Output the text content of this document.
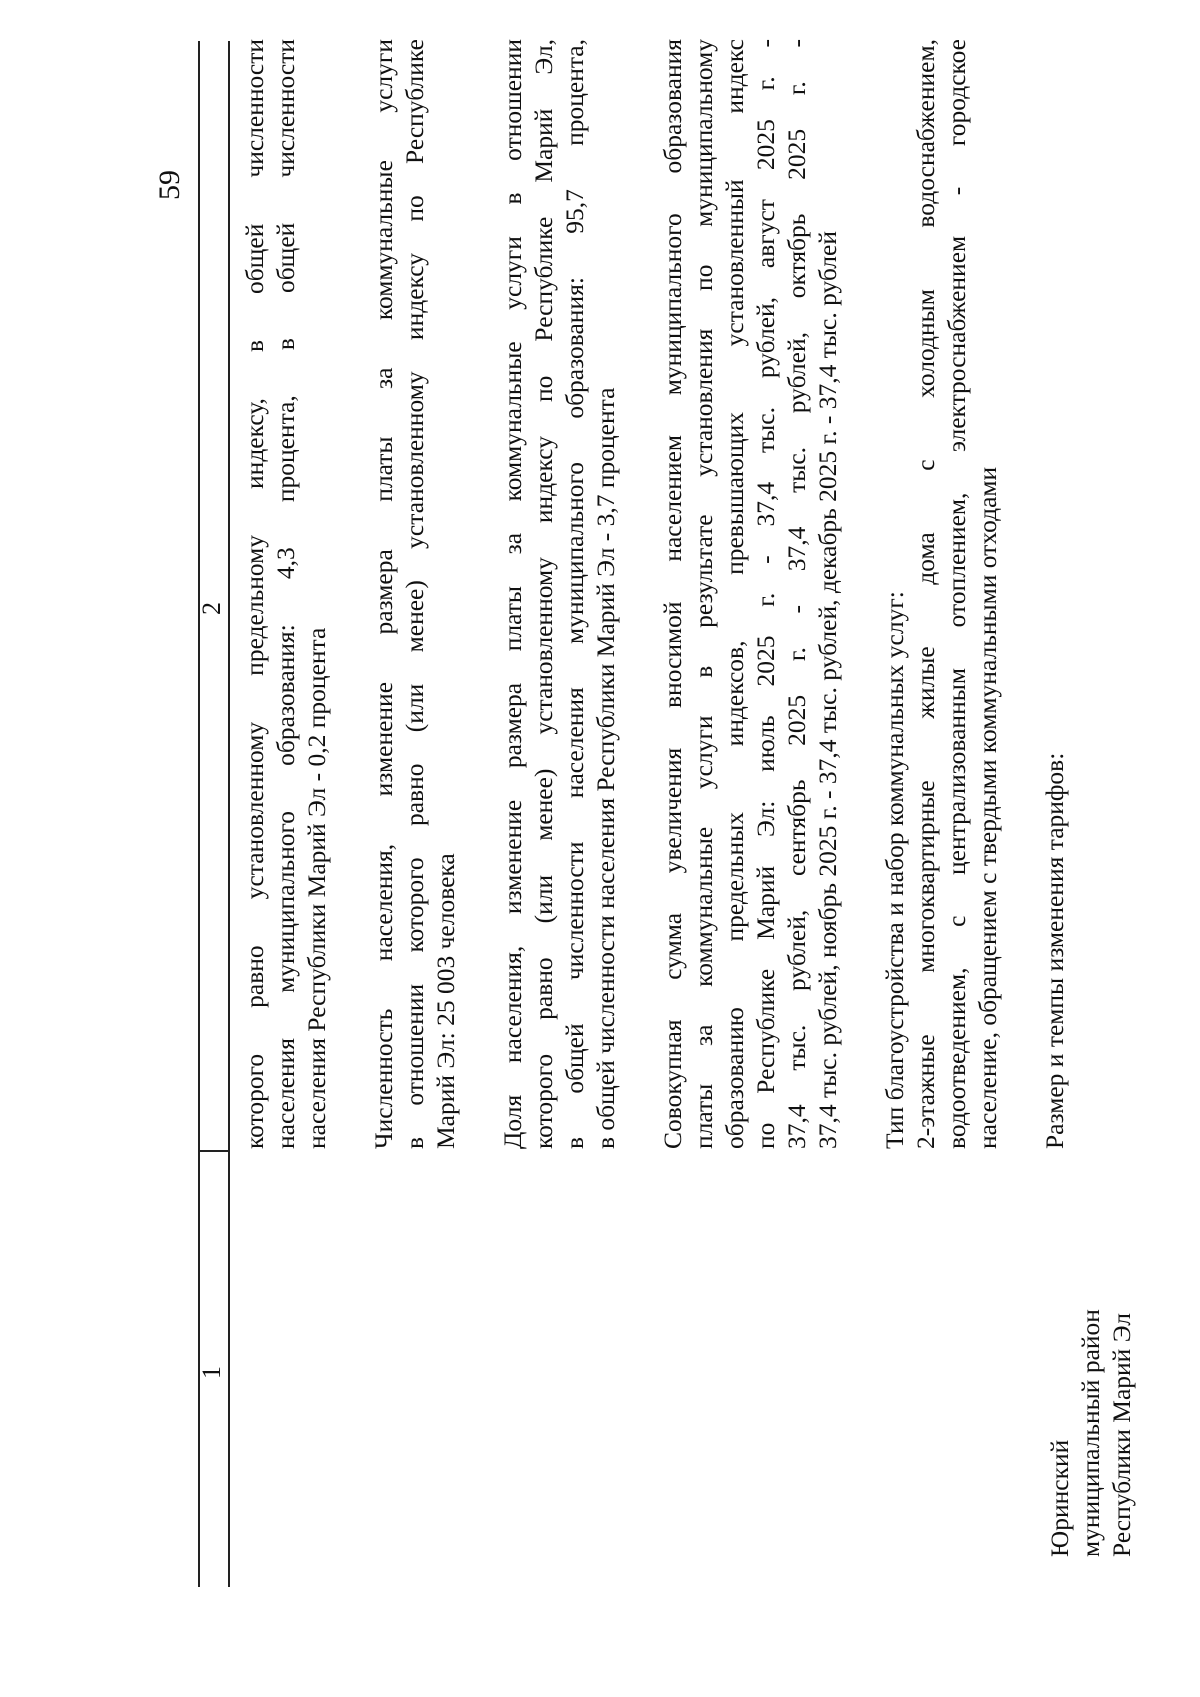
59
1
2 которого равно установленному предельному индексу, в общей численности населения муниципального образования: 4,3 процента, в общей численности населения Республики Марий Эл - 0,2 процента Численность населения, изменение размера платы за коммунальные услуги в отношении которого равно (или менее) установленному индексу по Республике Марий Эл: 25 003 человека Доля населения, изменение размера платы за коммунальные услуги в отношении которого равно (или менее) установленному индексу по Республике Марий Эл, в общей численности населения муниципального образования: 95,7 процента, в общей численности населения Республики Марий Эл - 3,7 процента Совокупная сумма увеличения вносимой населением муниципального образования платы за коммунальные услуги в результате установления по муниципальному образованию предельных индексов, превышающих установленный индекс по Республике Марий Эл: июль 2025 г. - 37,4 тыс. рублей, август 2025 г. - 37,4 тыс. рублей, сентябрь 2025 г. - 37,4 тыс. рублей, октябрь 2025 г. - 37,4 тыс. рублей, ноябрь 2025 г. - 37,4 тыс. рублей, декабрь 2025 г. - 37,4 тыс. рублей Тип благоустройства и набор коммунальных услуг: 2-этажные многоквартирные жилые дома с холодным водоснабжением, водоотведением, с централизованным отоплением, электроснабжением - городское население, обращением с твердыми коммунальными отходами Размер и темпы изменения тарифов:
Юринский муниципальный район Республики Марий Эл
